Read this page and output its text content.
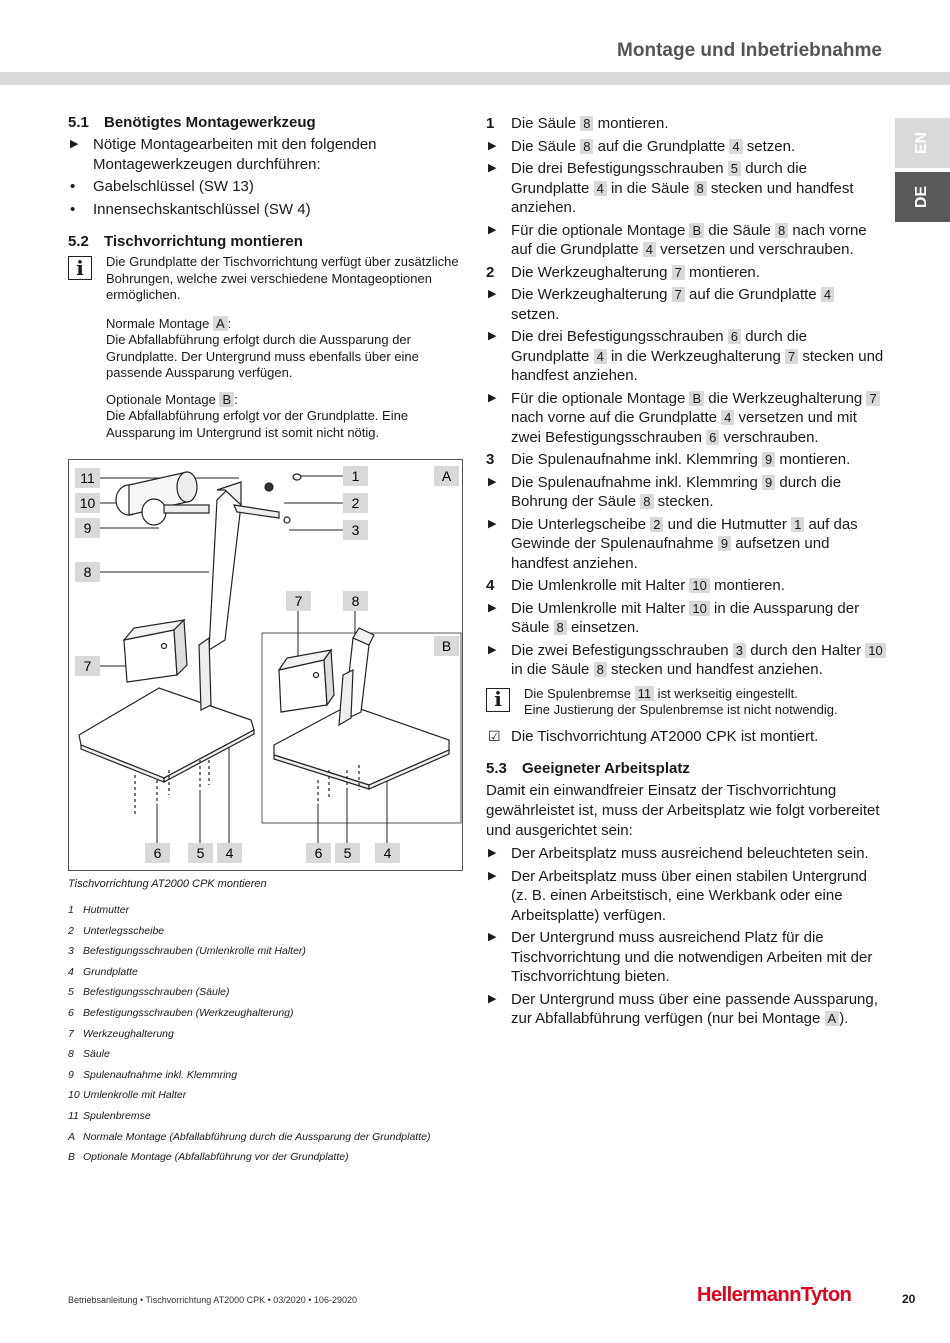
Montage und Inbetriebnahme
EN
DE
5.1 Benötigtes Montagewerkzeug
▶ Nötige Montagearbeiten mit den folgenden Montagewerkzeugen durchführen:
• Gabelschlüssel (SW 13)
• Innensechskantschlüssel (SW 4)
5.2 Tischvorrichtung montieren
i	Die Grundplatte der Tischvorrichtung verfügt über zusätzliche Bohrungen, welche zwei verschiedene Montageoptionen ermöglichen.
Normale Montage A :
Die Abfallabführung erfolgt durch die Aussparung der Grundplatte. Der Untergrund muss ebenfalls über eine passende Aussparung verfügen.
Optionale Montage B :
Die Abfallabführung erfolgt vor der Grundplatte. Eine Aussparung im Untergrund ist somit nicht nötig.
11
10
9
8
7
1
2
3
A
7	8
B
6	5 4	6 5 4
Tischvorrichtung AT2000 CPK montieren
1 Hutmutter
2 Unterlegsscheibe
3 Befestigungsschrauben (Umlenkrolle mit Halter)
4 Grundplatte
5 Befestigungsschrauben (Säule)
6 Befestigungsschrauben (Werkzeughalterung)
7 Werkzeughalterung
8 Säule
9 Spulenaufnahme inkl. Klemmring
10 Umlenkrolle mit Halter
11 Spulenbremse
A Normale Montage (Abfallabführung durch die Aussparung der Grundplatte)
B Optionale Montage (Abfallabführung vor der Grundplatte)
1 Die Säule 8 montieren.
▶ Die Säule 8 auf die Grundplatte 4 setzen.
▶ Die drei Befestigungsschrauben 5 durch die Grundplatte 4 in die Säule 8 stecken und handfest anziehen.
▶ Für die optionale Montage B die Säule 8 nach vorne auf die Grundplatte 4 versetzen und verschrauben.
2 Die Werkzeughalterung 7 montieren.
▶ Die Werkzeughalterung 7 auf die Grundplatte 4 setzen.
▶ Die drei Befestigungsschrauben 6 durch die Grundplatte 4 in die Werkzeughalterung 7 stecken und handfest anziehen.
▶ Für die optionale Montage B die Werkzeughalterung 7 nach vorne auf die Grundplatte 4 versetzen und mit zwei Befestigungsschrauben 6 verschrauben.
3 Die Spulenaufnahme inkl. Klemmring 9 montieren.
▶ Die Spulenaufnahme inkl. Klemmring 9 durch die Bohrung der Säule 8 stecken.
▶ Die Unterlegscheibe 2 und die Hutmutter 1 auf das Gewinde der Spulenaufnahme 9 aufsetzen und handfest anziehen.
4 Die Umlenkrolle mit Halter 10 montieren.
▶ Die Umlenkrolle mit Halter 10 in die Aussparung der Säule 8 einsetzen.
▶ Die zwei Befestigungsschrauben 3 durch den Halter 10 in die Säule 8 stecken und handfest anziehen.
i	Die Spulenbremse 11 ist werkseitig eingestellt.
Eine Justierung der Spulenbremse ist nicht notwendig.
☑ Die Tischvorrichtung AT2000 CPK ist montiert.
5.3 Geeigneter Arbeitsplatz
Damit ein einwandfreier Einsatz der Tischvorrichtung gewährleistet ist, muss der Arbeitsplatz wie folgt vorbereitet und ausgerichtet sein:
▶ Der Arbeitsplatz muss ausreichend beleuchteten sein.
▶ Der Arbeitsplatz muss über einen stabilen Untergrund (z. B. einen Arbeitstisch, eine Werkbank oder eine Arbeitsplatte) verfügen.
▶ Der Untergrund muss ausreichend Platz für die Tischvorrichtung und die notwendigen Arbeiten mit der Tischvorrichtung bieten.
▶ Der Untergrund muss über eine passende Aussparung, zur Abfallabführung verfügen (nur bei Montage A ).
Betriebsanleitung • Tischvorrichtung AT2000 CPK • 03/2020 • 106-29020	HellermannTyton	20
